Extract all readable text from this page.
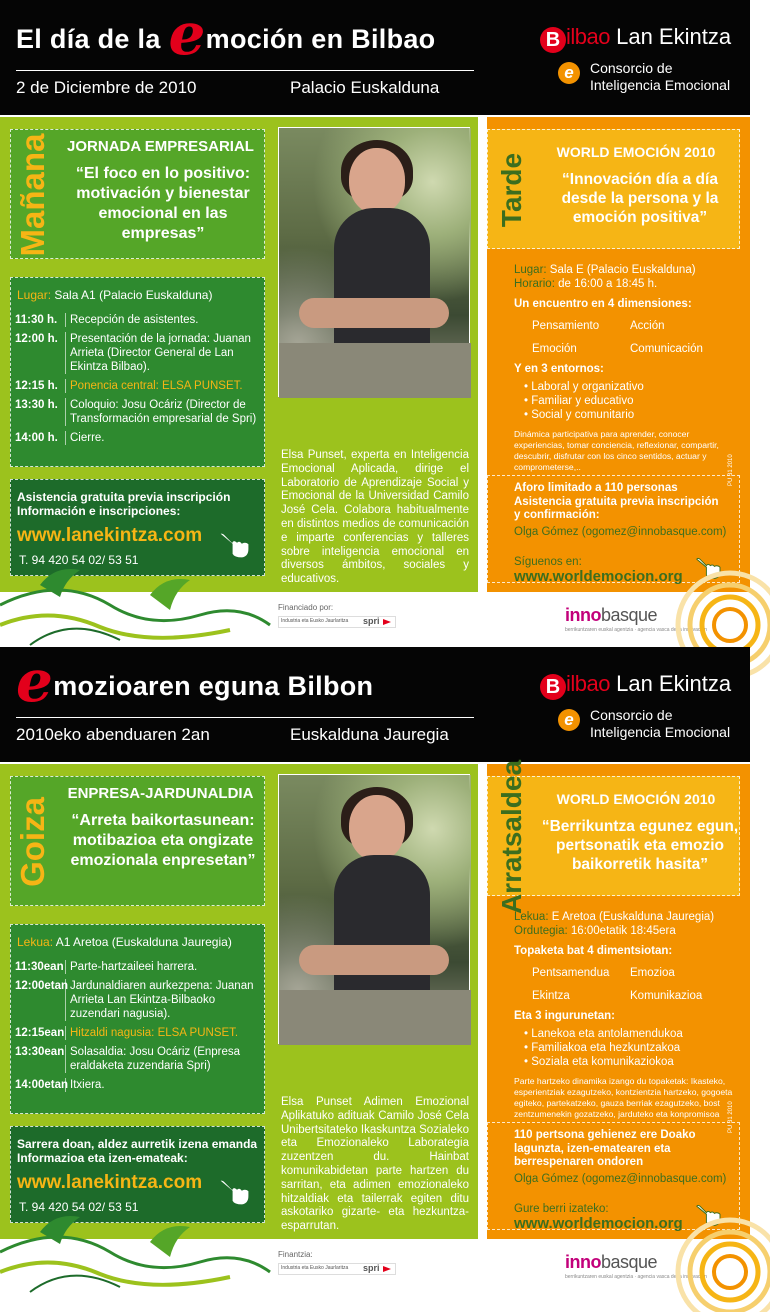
El día de la emoción en Bilbao
2 de Diciembre de 2010	Palacio Euskalduna
B ilbao Lan Ekintza
e	Consorcio de
Inteligencia Emocional
Mañana JORNADA EMPRESARIAL
“El foco en lo positivo: motivación y bienestar emocional en las empresas”
Lugar: Sala A1 (Palacio Euskalduna)
11:30 h.	Recepción de asistentes.
12:00 h.	Presentación de la jornada: Juanan Arrieta (Director General de Lan Ekintza Bilbao).
12:15 h.	Ponencia central: ELSA PUNSET.
13:30 h.	Coloquio: Josu Ocáriz (Director de Transformación empresarial de Spri)
14:00 h.	Cierre.
Asistencia gratuita previa inscripción Información e inscripciones:
www.lanekintza.com
T. 94 420 54 02/ 53 51
Elsa Punset, experta en Inteligencia Emocional Aplicada, dirige el Laboratorio de Aprendizaje Social y Emocional de la Universidad Camilo José Cela. Colabora habitualmente en distintos medios de comunicación e imparte conferencias y talleres sobre inteligencia emocional en diversos ámbitos, sociales y educativos.
Tarde
WORLD EMOCIÓN 2010
“Innovación día a día desde la persona y la emoción positiva”
Lugar: Sala E (Palacio Euskalduna)
Horario: de 16:00 a 18:45 h.
Un encuentro en 4 dimensiones:
Pensamiento	Acción
Emoción	Comunicación
Y en 3 entornos:
• Laboral y organizativo
• Familiar y educativo
• Social y comunitario
Dinámica participativa para aprender, conocer experiencias, tomar conciencia, reflexionar, compartir, descubrir, disfrutar con los cinco sentidos, actuar y comprometerse,..
Aforo limitado a 110 personas Asistencia gratuita previa inscripción y confirmación:
Olga Gómez (ogomez@innobasque.com)
Síguenos en:
www.worldemocion.org
PU 31 2010
Financiado por:
Industria eta Eusko Jaurlaritza spri	innobasque
berrikuntzaren euskal agentzia · agencia vasca de la innovación
emozioaren eguna Bilbon
2010eko abenduaren 2an	Euskalduna Jauregia
B ilbao Lan Ekintza
e	Consorcio de
Inteligencia Emocional
Goiza
ENPRESA-JARDUNALDIA
“Arreta baikortasunean: motibazioa eta ongizate emozionala enpresetan”
Lekua: A1 Aretoa (Euskalduna Jauregia)
11:30ean Parte-hartzaileei harrera.
12:00etan Jardunaldiaren aurkezpena: Juanan Arrieta Lan Ekintza-Bilbaoko zuzendari nagusia).
12:15ean Hitzaldi nagusia: ELSA PUNSET.
13:30ean Solasaldia: Josu Ocáriz (Enpresa eraldaketa zuzendaria Spri)
14:00etan Itxiera.
Sarrera doan, aldez aurretik izena emanda Informazioa eta izen-emateak:
www.lanekintza.com
T. 94 420 54 02/ 53 51
Elsa Punset Adimen Emozional Aplikatuko adituak Camilo José Cela Unibertsitateko Ikaskuntza Sozialeko eta Emozionaleko Laborategia zuzentzen du. Hainbat komunikabidetan parte hartzen du sarritan, eta adimen emozionaleko hitzaldiak eta tailerrak egiten ditu askotariko gizarte- eta hezkuntza-esparrutan.
Arratsaldea	WORLD EMOCIÓN 2010
“Berrikuntza egunez egun, pertsonatik eta emozio baikorretik hasita”
Lekua: E Aretoa (Euskalduna Jauregia)
Ordutegia: 16:00etatik 18:45era
Topaketa bat 4 dimentsiotan:
Pentsamendua	Emozioa
Ekintza	Komunikazioa
Eta 3 ingurunetan:
• Lanekoa eta antolamendukoa
• Familiakoa eta hezkuntzakoa
• Soziala eta komunikaziokoa
Parte hartzeko dinamika izango du topaketak: Ikasteko, esperientziak ezagutzeko, kontzientzia hartzeko, gogoeta egiteko, partekatzeko, gauza berriak ezagutzeko, bost zentzumenekin gozatzeko, jarduteko eta konpromisoa
110 pertsona gehienez ere Doako lagunzta, izen-ematearen eta berrespenaren ondoren
Olga Gómez (ogomez@innobasque.com)
Gure berri izateko:
www.worldemocion.org
PU 31 2010
Finantzia:
Industria eta Eusko Jaurlaritza spri	innobasque
berrikuntzaren euskal agentzia · agencia vasca de la innovación
